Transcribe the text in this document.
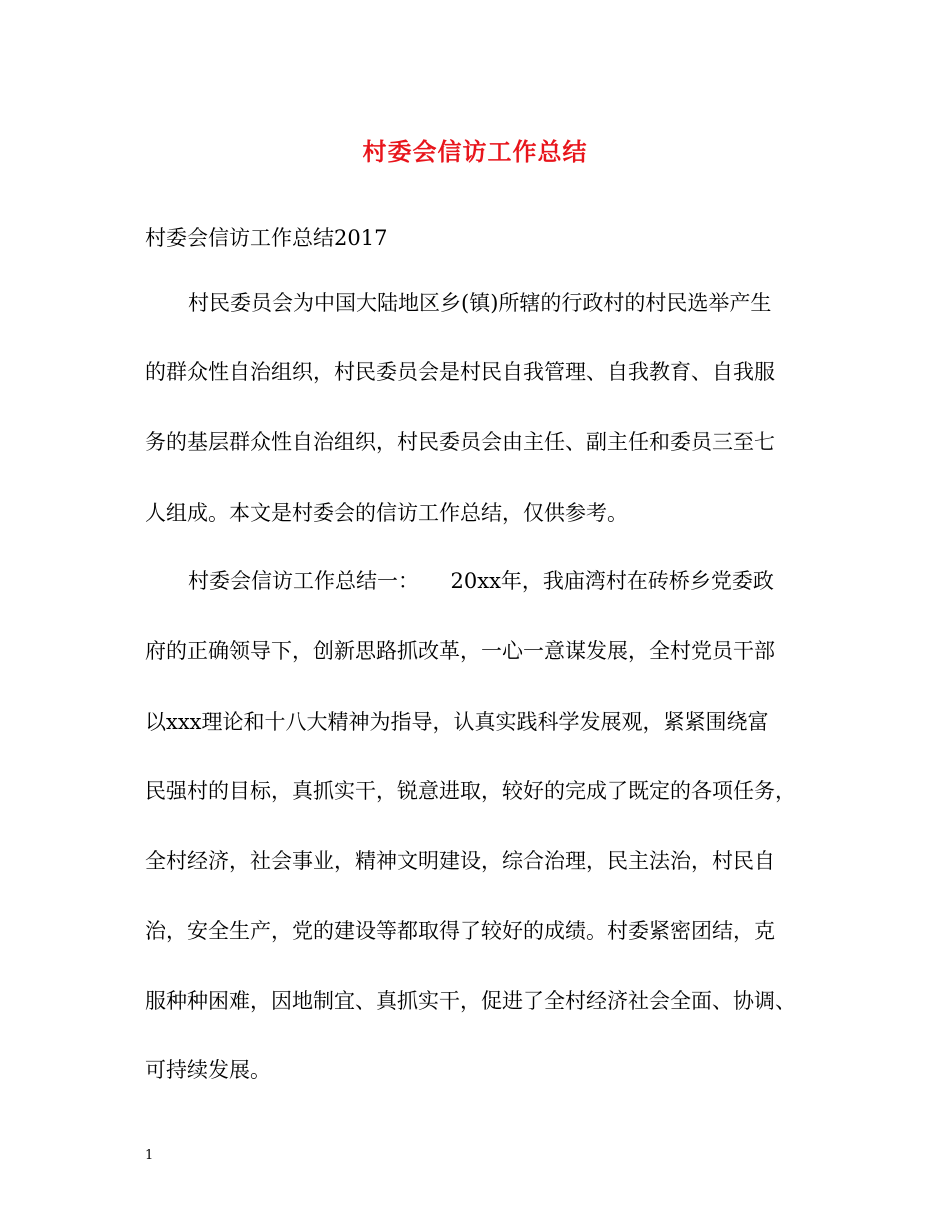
村委会信访工作总结
村委会信访工作总结2017
村民委员会为中国大陆地区乡(镇)所辖的行政村的村民选举产生
的群众性自治组织，村民委员会是村民自我管理、自我教育、自我服
务的基层群众性自治组织，村民委员会由主任、副主任和委员三至七
人组成。本文是村委会的信访工作总结，仅供参考。
村委会信访工作总结一：　　20xx年，我庙湾村在砖桥乡党委政
府的正确领导下，创新思路抓改革，一心一意谋发展，全村党员干部
以xxx理论和十八大精神为指导，认真实践科学发展观，紧紧围绕富
民强村的目标，真抓实干，锐意进取，较好的完成了既定的各项任务，
全村经济，社会事业，精神文明建设，综合治理，民主法治，村民自
治，安全生产，党的建设等都取得了较好的成绩。村委紧密团结，克
服种种困难，因地制宜、真抓实干，促进了全村经济社会全面、协调、
可持续发展。
1
